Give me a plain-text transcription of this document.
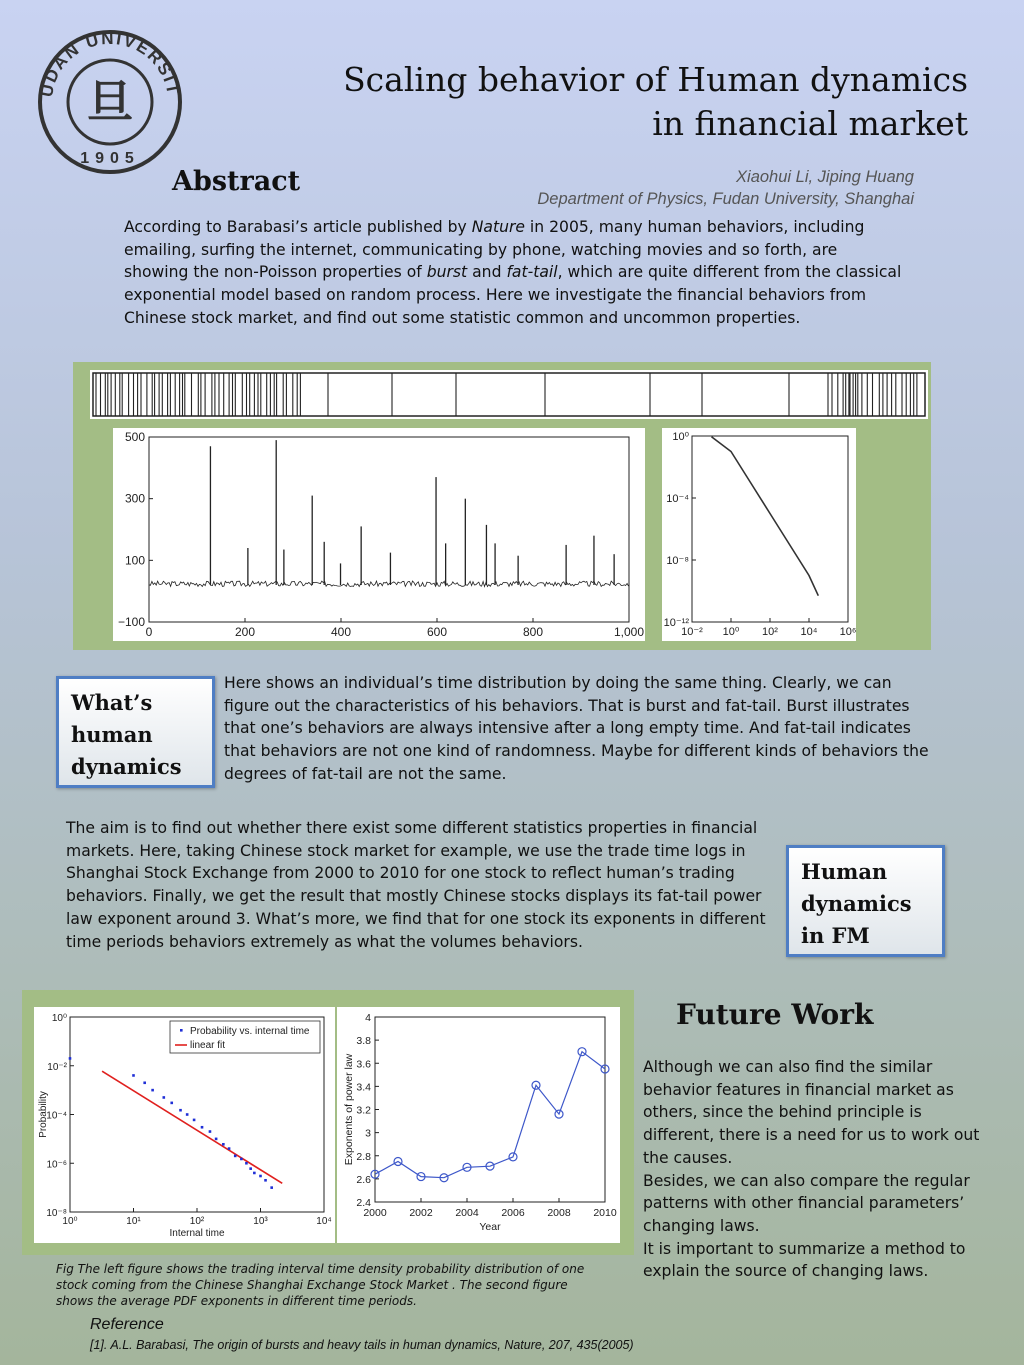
UDAN UNIVERSIT
旦
1905
Scaling behavior of Human dynamics
in financial market
Abstract	Xiaohui Li, Jiping Huang
Department of Physics, Fudan University, Shanghai
According to Barabasi’s article published by Nature in 2005, many human behaviors, including emailing, surfing the internet, communicating by phone, watching movies and so forth, are showing the non-Poisson properties of burst and fat-tail, which are quite different from the classical exponential model based on random process. Here we investigate the financial behaviors from Chinese stock market, and find out some statistic common and uncommon properties.
0	200	400	600	800	1,000
500
300
100
−100
10⁻² 10⁰ 10² 10⁴ 10⁶
10⁰
10⁻⁴
10⁻⁸
10⁻¹²
What’s
human
dynamics
Here shows an individual’s time distribution by doing the same thing. Clearly, we can figure out the characteristics of his behaviors. That is burst and fat-tail. Burst illustrates that one’s behaviors are always intensive after a long empty time. And fat-tail indicates that behaviors are not one kind of randomness. Maybe for different kinds of behaviors the degrees of fat-tail are not the same.
The aim is to find out whether there exist some different statistics properties in financial markets. Here, taking Chinese stock market for example, we use the trade time logs in Shanghai Stock Exchange from 2000 to 2010 for one stock to reflect human’s trading behaviors. Finally, we get the result that mostly Chinese stocks displays its fat-tail power law exponent around 3. What’s more, we find that for one stock its exponents in different time periods behaviors extremely as what the volumes behaviors.
Human
dynamics
in FM
10⁰	10¹	10²	10³	10⁴
10⁰
10⁻²
10⁻⁴
10⁻⁶
10⁻⁸
Internal time
Probability
Probability vs. internal time
linear fit
2000 2002 2004 2006 2008 2010
4
3.8
3.6
3.4
3.2
3
2.8
2.6
2.4
Year
Exponents of power law
Fig The left figure shows the trading interval time density probability distribution of one stock coming from the Chinese Shanghai Exchange Stock Market . The second figure shows the average PDF exponents in different time periods.
Future Work
Although we can also find the similar behavior features in financial market as others, since the behind principle is different, there is a need for us to work out the causes.
Besides, we can also compare the regular patterns with other financial parameters’ changing laws.
It is important to summarize a method to explain the source of changing laws.
Reference
[1]. A.L. Barabasi, The origin of bursts and heavy tails in human dynamics, Nature, 207, 435(2005)
